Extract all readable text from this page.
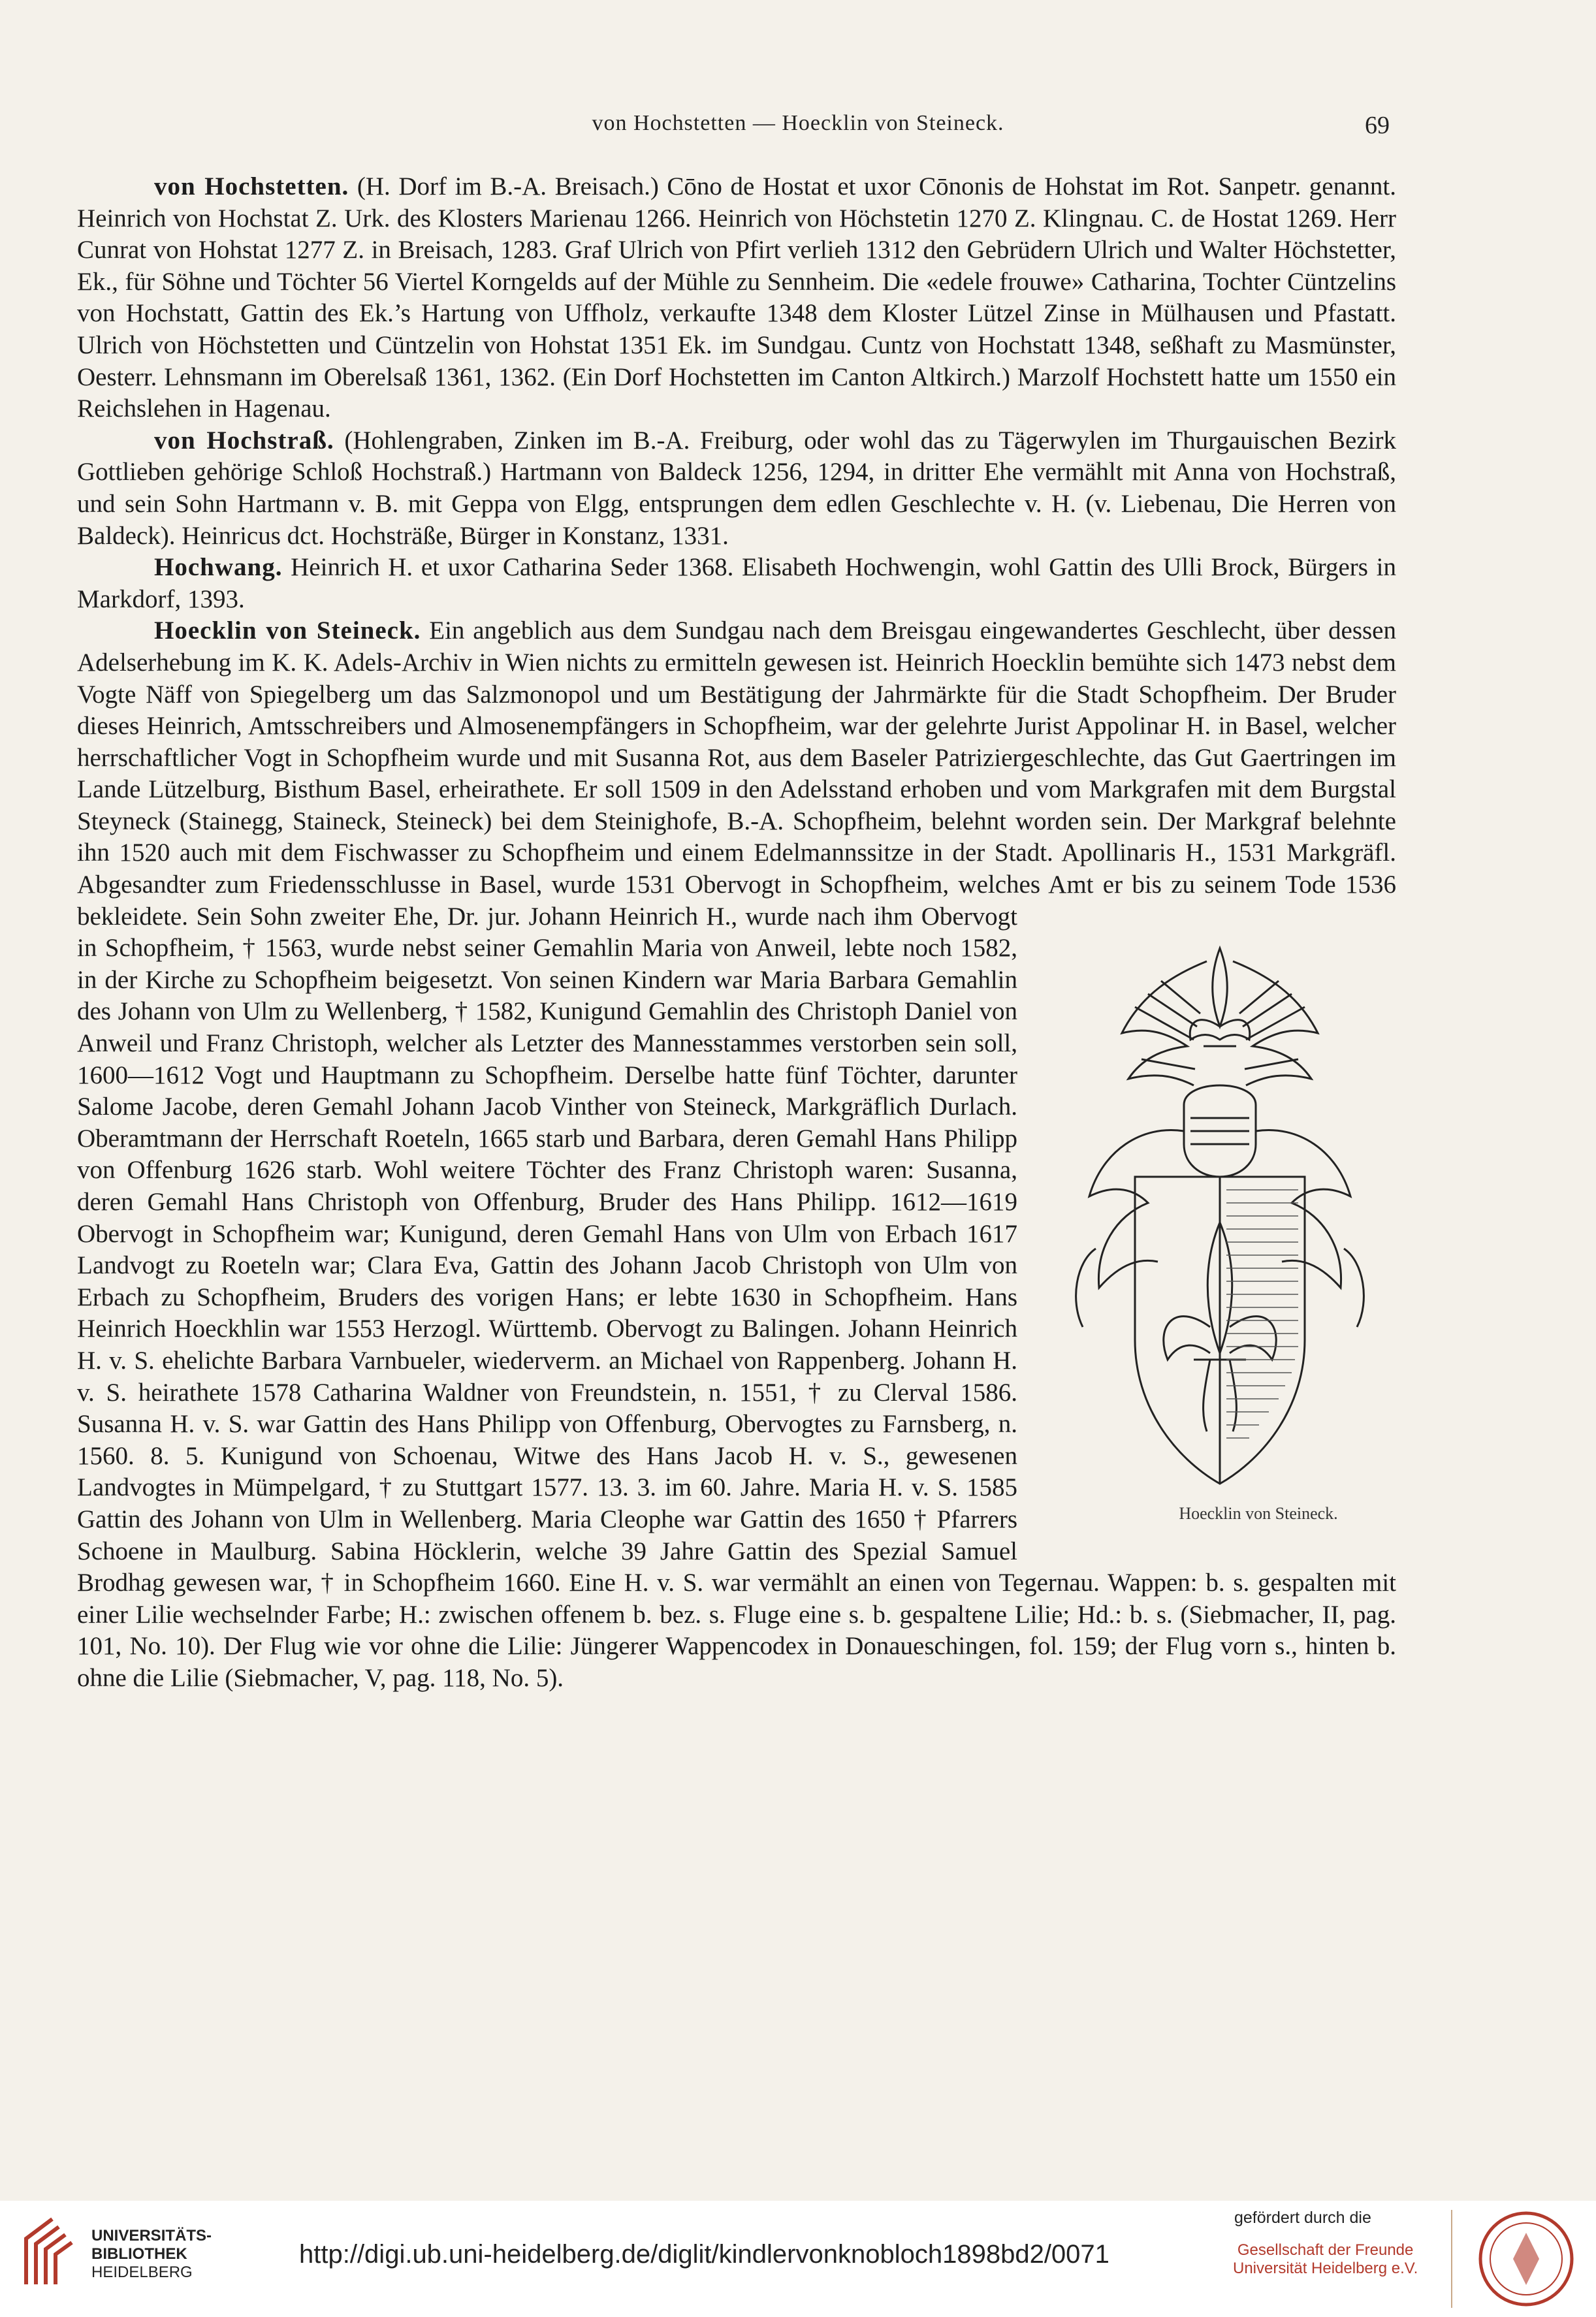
von Hochstetten — Hoecklin von Steineck.	69

von Hochstetten. (H. Dorf im B.-A. Breisach.) Cōno de Hostat et uxor Cōnonis de Hohstat im Rot. Sanpetr. genannt. Heinrich von Hochstat Z. Urk. des Klosters Marienau 1266. Heinrich von Höchstetin 1270 Z. Klingnau. C. de Hostat 1269. Herr Cunrat von Hohstat 1277 Z. in Breisach, 1283. Graf Ulrich von Pfirt verlieh 1312 den Gebrüdern Ulrich und Walter Höchstetter, Ek., für Söhne und Töchter 56 Viertel Korngelds auf der Mühle zu Sennheim. Die «edele frouwe» Catharina, Tochter Cüntzelins von Hochstatt, Gattin des Ek.’s Hartung von Uffholz, verkaufte 1348 dem Kloster Lützel Zinse in Mülhausen und Pfastatt. Ulrich von Höchstetten und Cüntzelin von Hohstat 1351 Ek. im Sundgau. Cuntz von Hochstatt 1348, seßhaft zu Masmünster, Oesterr. Lehnsmann im Oberelsaß 1361, 1362. (Ein Dorf Hochstetten im Canton Altkirch.) Marzolf Hochstett hatte um 1550 ein Reichslehen in Hagenau.

von Hochstraß. (Hohlengraben, Zinken im B.-A. Freiburg, oder wohl das zu Tägerwylen im Thurgauischen Bezirk Gottlieben gehörige Schloß Hochstraß.) Hartmann von Baldeck 1256, 1294, in dritter Ehe vermählt mit Anna von Hochstraß, und sein Sohn Hartmann v. B. mit Geppa von Elgg, entsprungen dem edlen Geschlechte v. H. (v. Liebenau, Die Herren von Baldeck). Heinricus dct. Hochsträße, Bürger in Konstanz, 1331.

Hochwang. Heinrich H. et uxor Catharina Seder 1368. Elisabeth Hochwengin, wohl Gattin des Ulli Brock, Bürgers in Markdorf, 1393.

Hoecklin von Steineck. Ein angeblich aus dem Sundgau nach dem Breisgau eingewandertes Geschlecht, über dessen Adelserhebung im K. K. Adels-Archiv in Wien nichts zu ermitteln gewesen ist. Heinrich Hoecklin bemühte sich 1473 nebst dem Vogte Näff von Spiegelberg um das Salzmonopol und um Bestätigung der Jahrmärkte für die Stadt Schopfheim. Der Bruder dieses Heinrich, Amtsschreibers und Almosenempfängers in Schopfheim, war der gelehrte Jurist Appolinar H. in Basel, welcher herrschaftlicher Vogt in Schopfheim wurde und mit Susanna Rot, aus dem Baseler Patriziergeschlechte, das Gut Gaertringen im Lande Lützelburg, Bisthum Basel, erheirathete. Er soll 1509 in den Adelsstand erhoben und vom Markgrafen mit dem Burgstal Steyneck (Stainegg, Staineck, Steineck) bei dem Steinighofe, B.-A. Schopfheim, belehnt worden sein. Der Markgraf belehnte ihn 1520 auch mit dem Fischwasser zu Schopfheim und einem Edelmannssitze in der Stadt. Apollinaris H., 1531 Markgräfl. Abgesandter zum Friedensschlusse in Basel, wurde 1531 Obervogt in Schopfheim, welches Amt er bis zu seinem Tode 1536 bekleidete.
Hoecklin von Steineck.
Sein Sohn zweiter Ehe, Dr. jur. Johann Heinrich H., wurde nach ihm Obervogt in Schopfheim, † 1563, wurde nebst seiner Gemahlin Maria von Anweil, lebte noch 1582, in der Kirche zu Schopfheim beigesetzt. Von seinen Kindern war Maria Barbara Gemahlin des Johann von Ulm zu Wellenberg, † 1582, Kunigund Gemahlin des Christoph Daniel von Anweil und Franz Christoph, welcher als Letzter des Mannesstammes verstorben sein soll, 1600—1612 Vogt und Hauptmann zu Schopfheim. Derselbe hatte fünf Töchter, darunter Salome Jacobe, deren Gemahl Johann Jacob Vinther von Steineck, Markgräflich Durlach. Oberamtmann der Herrschaft Roeteln, 1665 starb und Barbara, deren Gemahl Hans Philipp von Offenburg 1626 starb. Wohl weitere Töchter des Franz Christoph waren: Susanna, deren Gemahl Hans Christoph von Offenburg, Bruder des Hans Philipp. 1612—1619 Obervogt in Schopfheim war; Kunigund, deren Gemahl Hans von Ulm von Erbach 1617 Landvogt zu Roeteln war; Clara Eva, Gattin des Johann Jacob Christoph von Ulm von Erbach zu Schopfheim, Bruders des vorigen Hans; er lebte 1630 in Schopfheim. Hans Heinrich Hoeckhlin war 1553 Herzogl. Württemb. Obervogt zu Balingen. Johann Heinrich H. v. S. ehelichte Barbara Varnbueler, wiederverm. an Michael von Rappenberg. Johann H. v. S. heirathete 1578 Catharina Waldner von Freundstein, n. 1551, † zu Clerval 1586. Susanna H. v. S. war Gattin des Hans Philipp von Offenburg, Obervogtes zu Farnsberg, n. 1560. 8. 5. Kunigund von Schoenau, Witwe des Hans Jacob H. v. S., gewesenen Landvogtes in Mümpelgard, † zu Stuttgart 1577. 13. 3. im 60. Jahre. Maria H. v. S. 1585 Gattin des Johann von Ulm in Wellenberg. Maria Cleophe war Gattin des 1650 † Pfarrers Schoene in Maulburg. Sabina Höcklerin, welche 39 Jahre Gattin des Spezial Samuel Brodhag gewesen war, † in Schopfheim 1660. Eine H. v. S. war vermählt an einen von Tegernau. Wappen: b. s. gespalten mit einer Lilie wechselnder Farbe; H.: zwischen offenem b. bez. s. Fluge eine s. b. gespaltene Lilie; Hd.: b. s. (Siebmacher, II, pag. 101, No. 10). Der Flug wie vor ohne die Lilie: Jüngerer Wappencodex in Donaueschingen, fol. 159; der Flug vorn s., hinten b. ohne die Lilie (Siebmacher, V, pag. 118, No. 5).

UNIVERSITÄTS-
BIBLIOTHEK
HEIDELBERG
http://digi.ub.uni-heidelberg.de/diglit/kindlervonknobloch1898bd2/0071
gefördert durch die
Gesellschaft der Freunde
Universität Heidelberg e.V.
